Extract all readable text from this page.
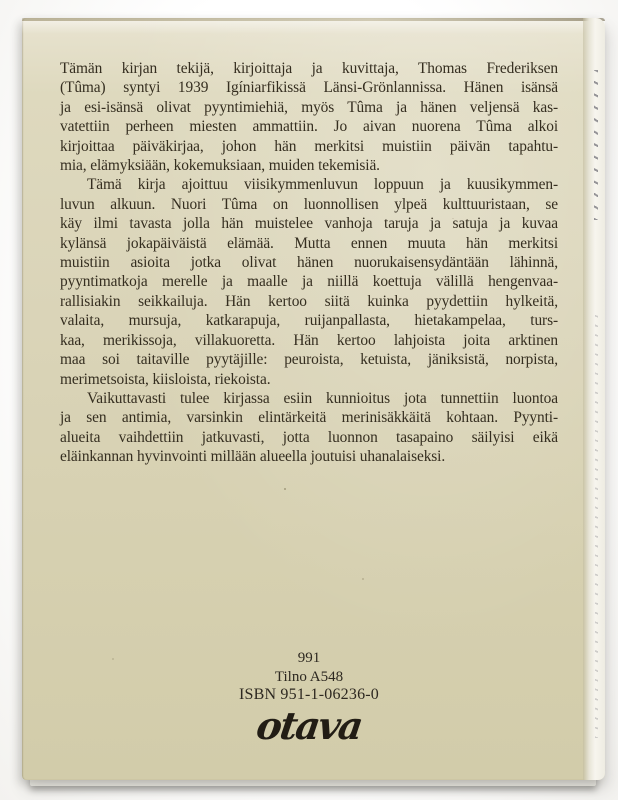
Tämän kirjan tekijä, kirjoittaja ja kuvittaja, Thomas Frederiksen
(Tûma) syntyi 1939 Igíniarfikissä Länsi-Grönlannissa. Hänen isänsä
ja esi-isänsä olivat pyyntimiehiä, myös Tûma ja hänen veljensä kas-
vatettiin perheen miesten ammattiin. Jo aivan nuorena Tûma alkoi
kirjoittaa päiväkirjaa, johon hän merkitsi muistiin päivän tapahtu-
mia, elämyksiään, kokemuksiaan, muiden tekemisiä.
Tämä kirja ajoittuu viisikymmenluvun loppuun ja kuusikymmen-
luvun alkuun. Nuori Tûma on luonnollisen ylpeä kulttuuristaan, se
käy ilmi tavasta jolla hän muistelee vanhoja taruja ja satuja ja kuvaa
kylänsä jokapäiväistä elämää. Mutta ennen muuta hän merkitsi
muistiin asioita jotka olivat hänen nuorukaisensydäntään lähinnä,
pyyntimatkoja merelle ja maalle ja niillä koettuja välillä hengenvaa-
rallisiakin seikkailuja. Hän kertoo siitä kuinka pyydettiin hylkeitä,
valaita, mursuja, katkarapuja, ruijanpallasta, hietakampelaa, turs-
kaa, merikissoja, villakuoretta. Hän kertoo lahjoista joita arktinen
maa soi taitaville pyytäjille: peuroista, ketuista, jäniksistä, norpista,
merimetsoista, kiisloista, riekoista.
Vaikuttavasti tulee kirjassa esiin kunnioitus jota tunnettiin luontoa
ja sen antimia, varsinkin elintärkeitä merinisäkkäitä kohtaan. Pyynti-
alueita vaihdettiin jatkuvasti, jotta luonnon tasapaino säilyisi eikä
eläinkannan hyvinvointi millään alueella joutuisi uhanalaiseksi.
991
Tilno A548
ISBN 951-1-06236-0
otava
